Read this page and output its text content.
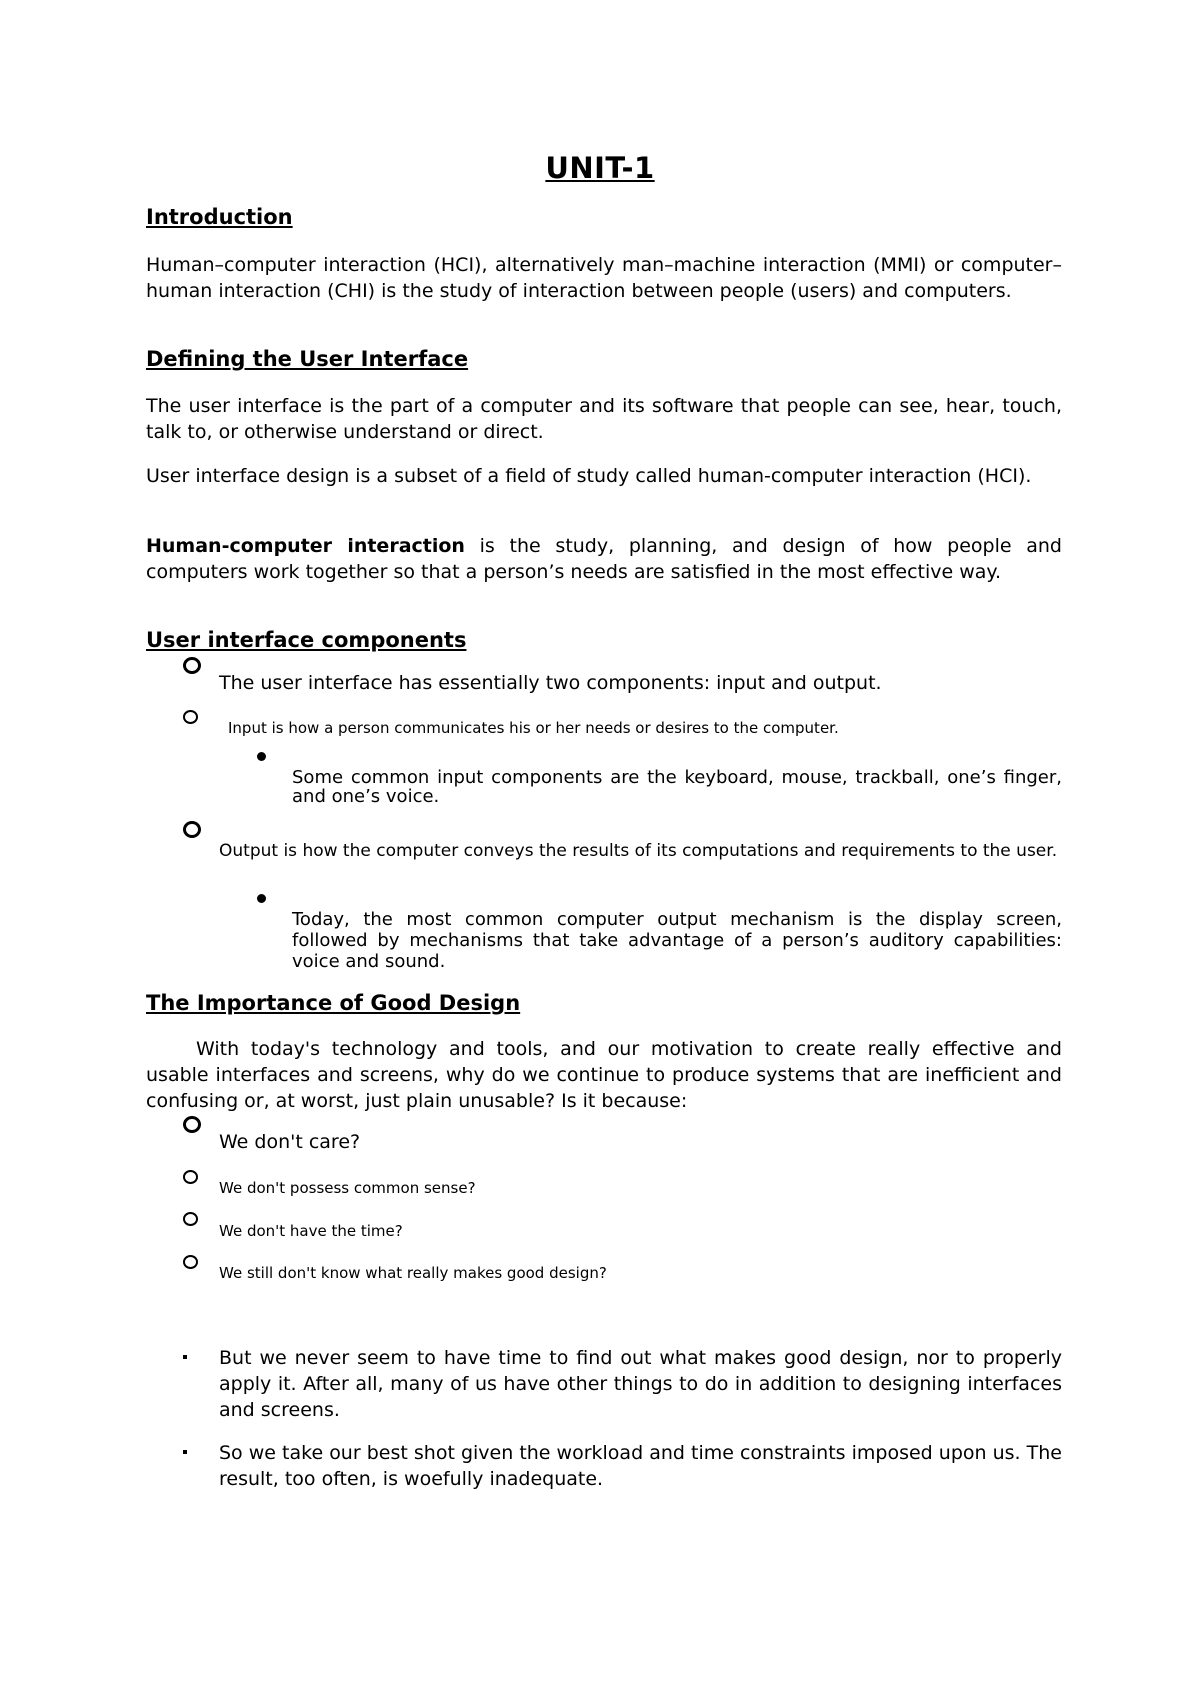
UNIT-1
Introduction
Human–computer interaction (HCI), alternatively man–machine interaction (MMI) or computer–human interaction (CHI) is the study of interaction between people (users) and computers.
Defining the User Interface
The user interface is the part of a computer and its software that people can see, hear, touch, talk to, or otherwise understand or direct.
User interface design is a subset of a field of study called human-computer interaction (HCI).
Human-computer interaction is the study, planning, and design of how people and computers work together so that a person’s needs are satisfied in the most effective way.
User interface components
The user interface has essentially two components: input and output.
Input is how a person communicates his or her needs or desires to the computer.
Some common input components are the keyboard, mouse, trackball, one’s finger, and one’s voice.
Output is how the computer conveys the results of its computations and requirements to the user.
Today, the most common computer output mechanism is the display screen, followed by mechanisms that take advantage of a person’s auditory capabilities: voice and sound.
The Importance of Good Design
With today's technology and tools, and our motivation to create really effective and usable interfaces and screens, why do we continue to produce systems that are inefficient and confusing or, at worst, just plain unusable? Is it because:
We don't care?
We don't possess common sense?
We don't have the time?
We still don't know what really makes good design?
But we never seem to have time to find out what makes good design, nor to properly apply it. After all, many of us have other things to do in addition to designing interfaces and screens.
So we take our best shot given the workload and time constraints imposed upon us. The result, too often, is woefully inadequate.
